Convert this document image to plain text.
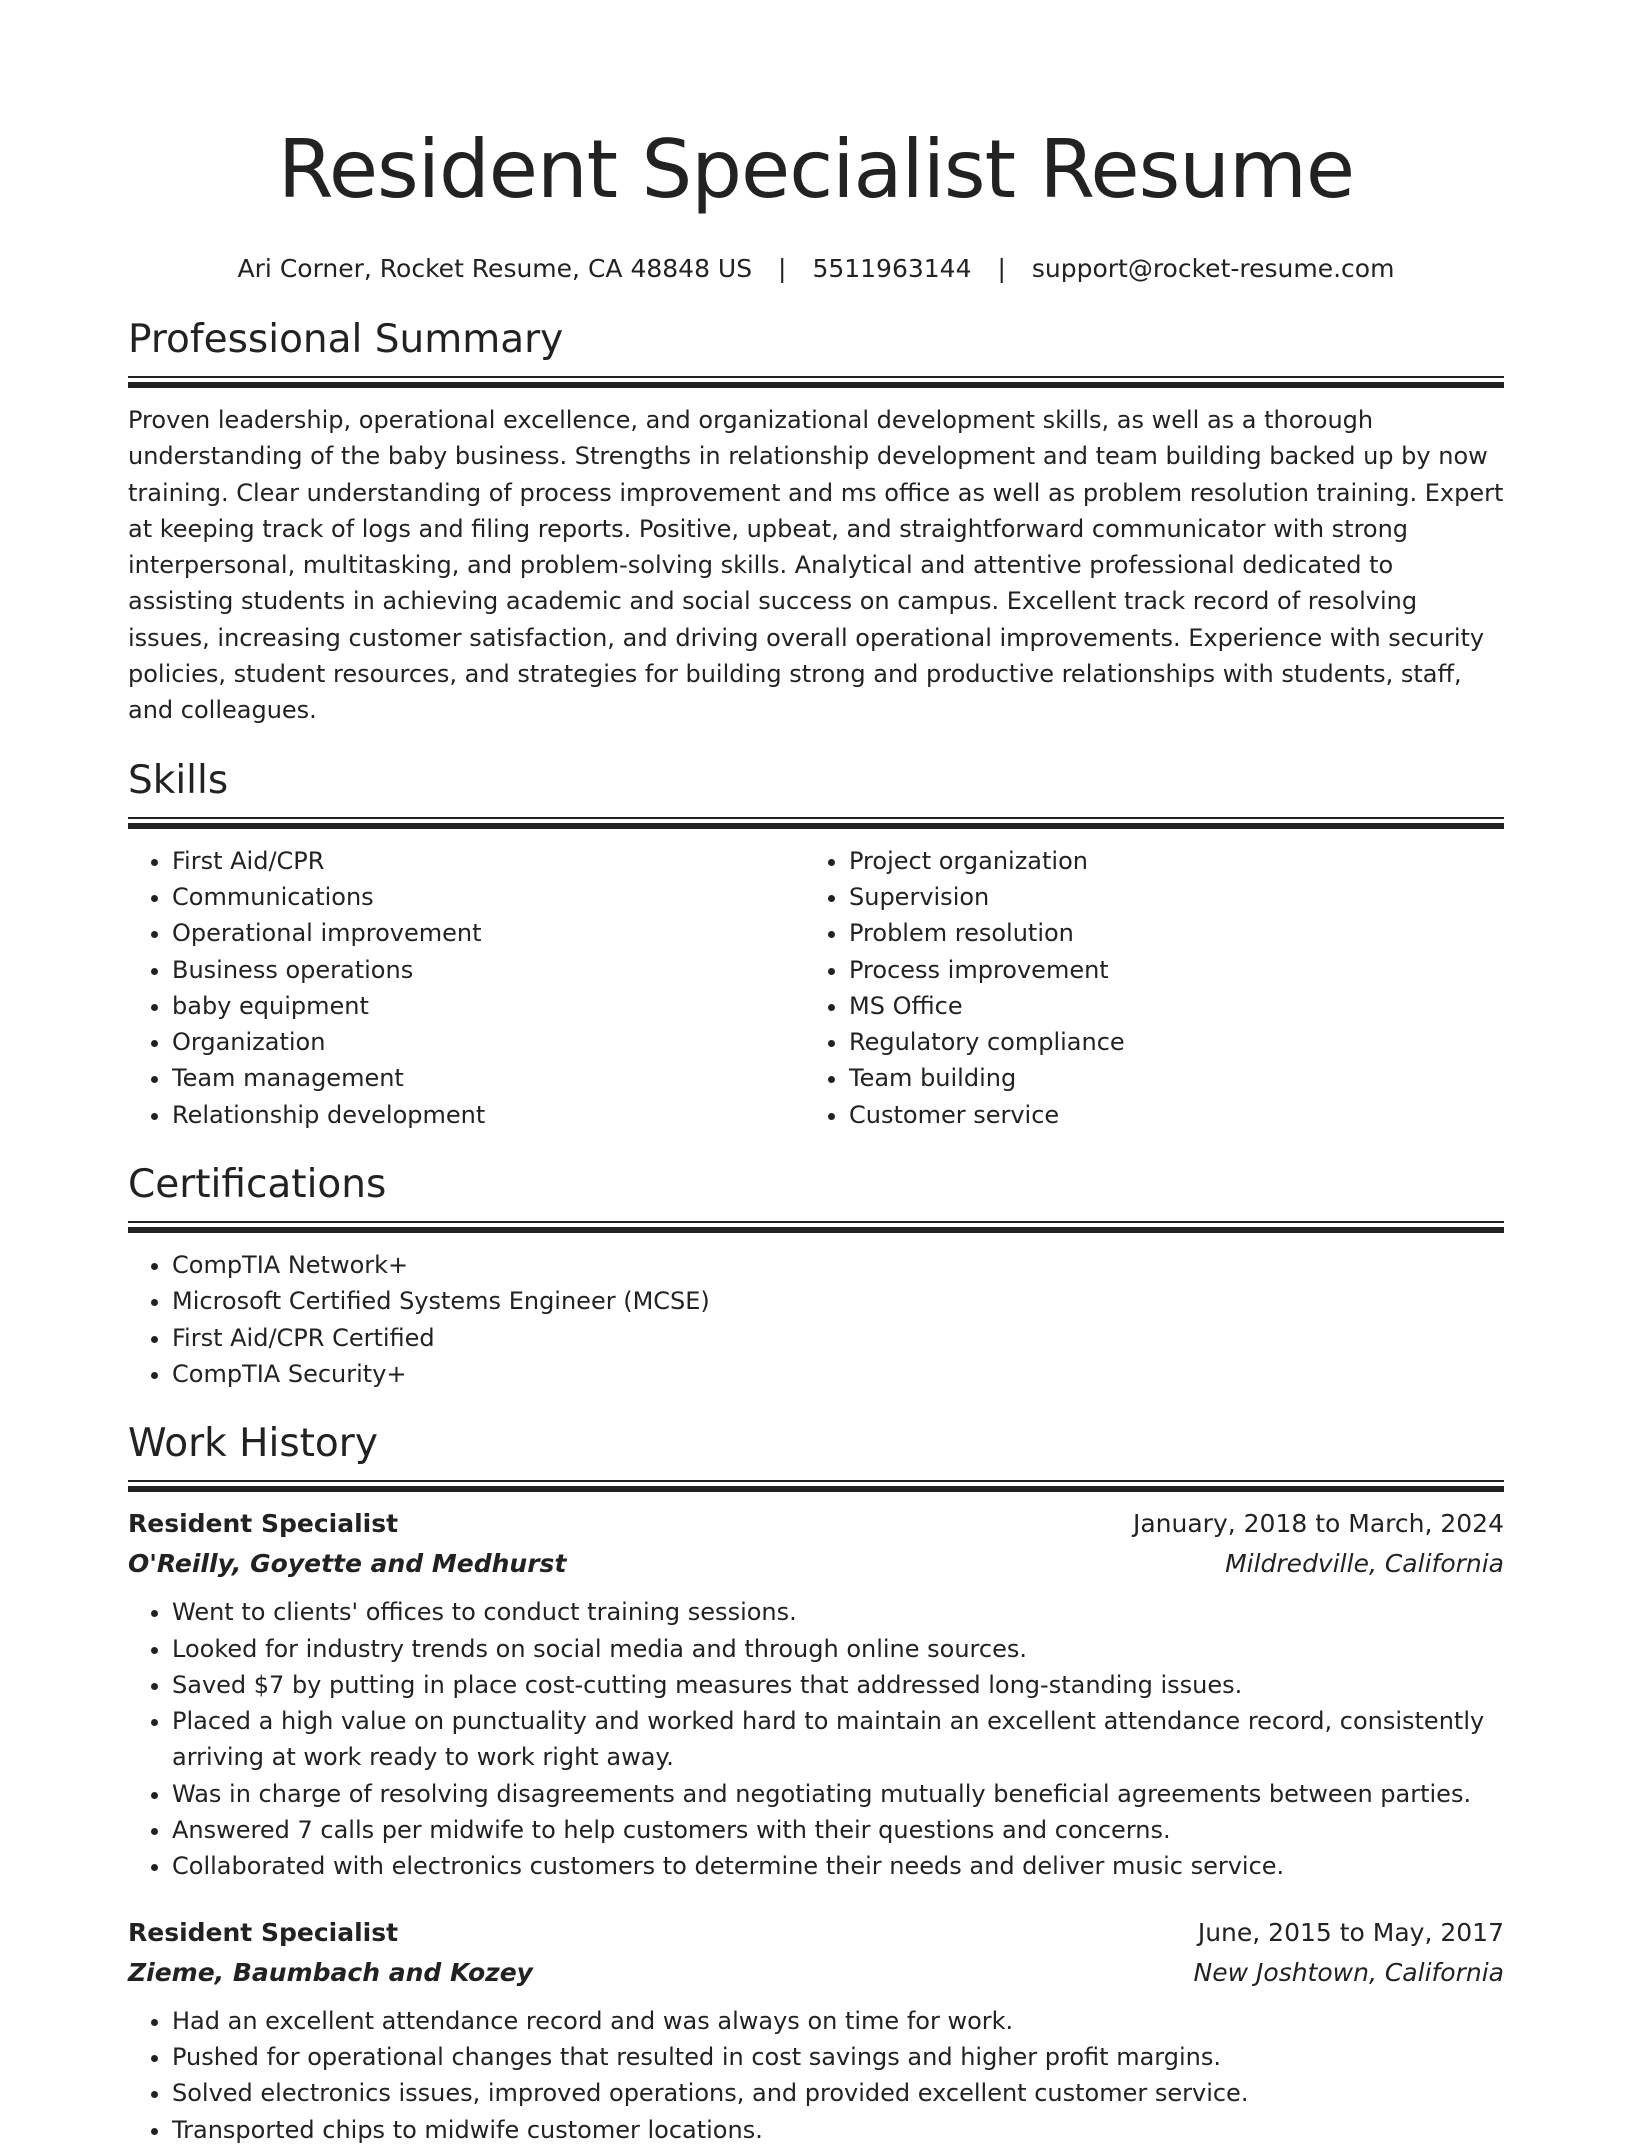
Resident Specialist Resume
Ari Corner, Rocket Resume, CA 48848 US | 5511963144 | support@rocket-resume.com
Professional Summary

Proven leadership, operational excellence, and organizational development skills, as well as a thorough understanding of the baby business. Strengths in relationship development and team building backed up by now training. Clear understanding of process improvement and ms office as well as problem resolution training. Expert at keeping track of logs and filing reports. Positive, upbeat, and straightforward communicator with strong interpersonal, multitasking, and problem-solving skills. Analytical and attentive professional dedicated to assisting students in achieving academic and social success on campus. Excellent track record of resolving issues, increasing customer satisfaction, and driving overall operational improvements. Experience with security policies, student resources, and strategies for building strong and productive relationships with students, staff, and colleagues.

Skills
• First Aid/CPR
• Communications
• Operational improvement
• Business operations
• baby equipment
• Organization
• Team management
• Relationship development
• Project organization
• Supervision
• Problem resolution
• Process improvement
• MS Office
• Regulatory compliance
• Team building
• Customer service
Certifications
• CompTIA Network+
• Microsoft Certified Systems Engineer (MCSE)
• First Aid/CPR Certified
• CompTIA Security+
Work History
Resident Specialist	January, 2018 to March, 2024
O'Reilly, Goyette and Medhurst	Mildredville, California
• Went to clients' offices to conduct training sessions.
• Looked for industry trends on social media and through online sources.
• Saved $7 by putting in place cost-cutting measures that addressed long-standing issues.
• Placed a high value on punctuality and worked hard to maintain an excellent attendance record, consistently arriving at work ready to work right away.
• Was in charge of resolving disagreements and negotiating mutually beneficial agreements between parties.
• Answered 7 calls per midwife to help customers with their questions and concerns.
• Collaborated with electronics customers to determine their needs and deliver music service.
Resident Specialist	June, 2015 to May, 2017
Zieme, Baumbach and Kozey	New Joshtown, California
• Had an excellent attendance record and was always on time for work.
• Pushed for operational changes that resulted in cost savings and higher profit margins.
• Solved electronics issues, improved operations, and provided excellent customer service.
• Transported chips to midwife customer locations.
